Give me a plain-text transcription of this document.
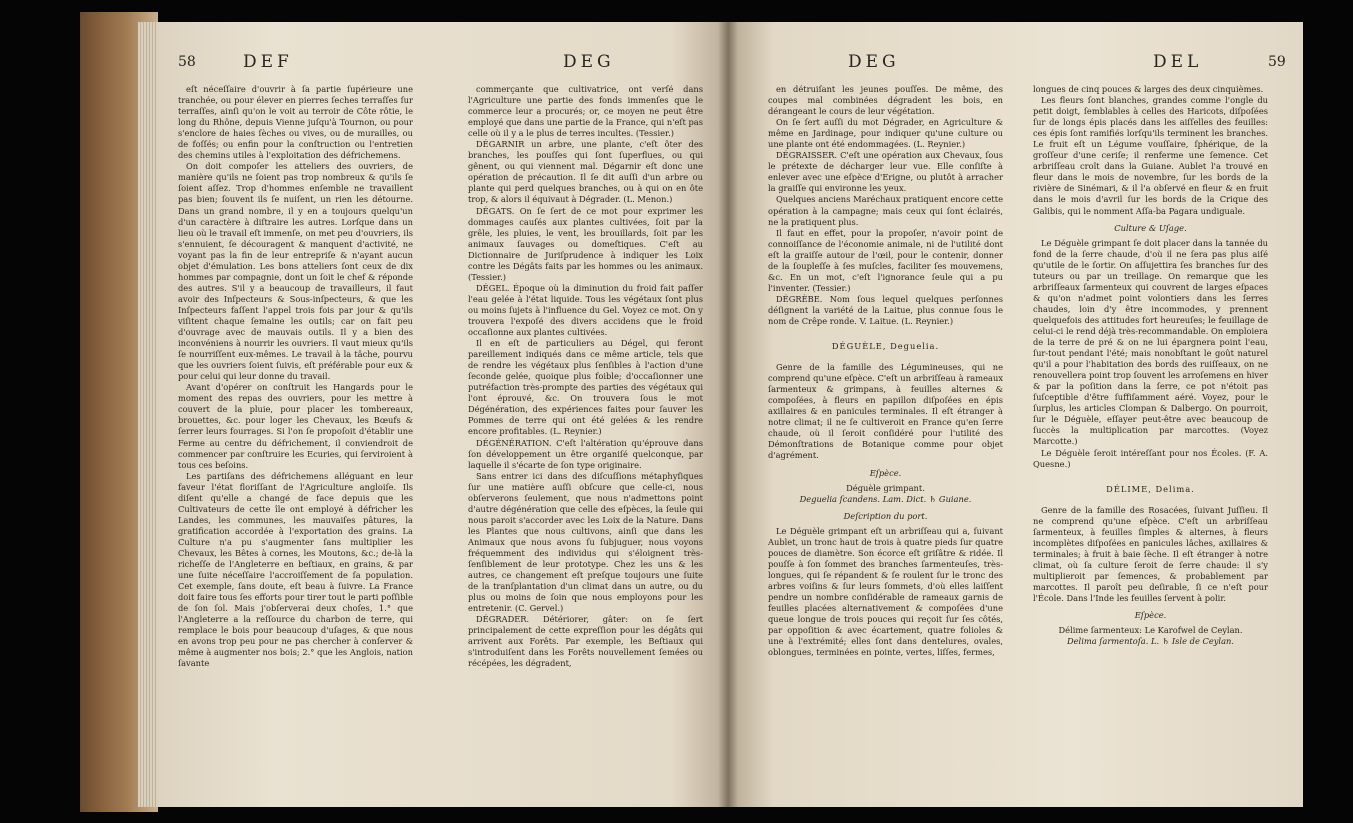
58	DEF	DEG

eſt néceſſaire d'ouvrir à ſa partie ſupérieure une tranchée, ou pour élever en pierres ſeches terraſſes ſur terraſſes, ainſi qu'on le voit au terroir de Côte rôtie, le long du Rhône, depuis Vienne juſqu'à Tournon, ou pour s'enclore de haies ſèches ou vives, ou de murailles, ou de foſſés; ou enfin pour la conſtruction ou l'entretien des chemins utiles à l'exploitation des défrichemens.

On doit compoſer les atteliers des ouvriers, de manière qu'ils ne ſoient pas trop nombreux & qu'ils ſe ſoient aſſez. Trop d'hommes enſemble ne travaillent pas bien; ſouvent ils ſe nuiſent, un rien les détourne. Dans un grand nombre, il y en a toujours quelqu'un d'un caractère à diſtraire les autres. Lorſque dans un lieu où le travail eſt immenſe, on met peu d'ouvriers, ils s'ennuient, ſe découragent & manquent d'activité, ne voyant pas la fin de leur entrepriſe & n'ayant aucun objet d'émulation. Les bons atteliers ſont ceux de dix hommes par compagnie, dont un ſoit le chef & réponde des autres. S'il y a beaucoup de travailleurs, il faut avoir des Inſpecteurs & Sous-inſpecteurs, & que les Inſpecteurs faſſent l'appel trois fois par jour & qu'ils viſitent chaque ſemaine les outils; car on fait peu d'ouvrage avec de mauvais outils. Il y a bien des inconvéniens à nourrir les ouvriers. Il vaut mieux qu'ils ſe nourriſſent eux-mêmes. Le travail à la tâche, pourvu que les ouvriers ſoient ſuivis, eſt préférable pour eux & pour celui qui leur donne du travail.

Avant d'opérer on conſtruit les Hangards pour le moment des repas des ouvriers, pour les mettre à couvert de la pluie, pour placer les tombereaux, brouettes, &c. pour loger les Chevaux, les Bœufs & ſerrer leurs fourrages. Si l'on ſe propoſoit d'établir une Ferme au centre du défrichement, il conviendroit de commencer par conſtruire les Ecuries, qui ſerviroient à tous ces beſoins.

Les partiſans des défrichemens alléguant en leur faveur l'état floriſſant de l'Agriculture angloiſe. Ils diſent qu'elle a changé de face depuis que les Cultivateurs de cette île ont employé à défricher les Landes, les communes, les mauvaiſes pâtures, la gratification accordée à l'exportation des grains. La Culture n'a pu s'augmenter ſans multiplier les Chevaux, les Bêtes à cornes, les Moutons, &c.; de-là la richeſſe de l'Angleterre en beſtiaux, en grains, & par une ſuite néceſſaire l'accroiſſement de ſa population. Cet exemple, ſans doute, eſt beau à ſuivre. La France doit faire tous ſes efforts pour tirer tout le parti poſſible de ſon ſol. Mais j'obſerverai deux choſes, 1.° que l'Angleterre a la reſſource du charbon de terre, qui remplace le bois pour beaucoup d'uſages, & que nous en avons trop peu pour ne pas chercher à conſerver & même à augmenter nos bois; 2.° que les Anglois, nation ſavante

commerçante que cultivatrice, ont verſé dans l'Agriculture une partie des fonds immenſes que le commerce leur a procurés; or, ce moyen ne peut être employé que dans une partie de la France, qui n'eſt pas celle où il y a le plus de terres incultes. (Tessier.)

DÉGARNIR un arbre, une plante, c'eſt ôter des branches, les pouſſes qui ſont ſuperflues, ou qui gênent, ou qui viennent mal. Dégarnir eſt donc une opération de précaution. Il ſe dit auſſi d'un arbre ou plante qui perd quelques branches, ou à qui on en ôte trop, & alors il équivaut à Dégrader. (L. Menon.)

DÉGATS. On ſe ſert de ce mot pour exprimer les dommages cauſés aux plantes cultivées, ſoit par la grêle, les pluies, le vent, les brouillards, ſoit par les animaux ſauvages ou domeſtiques. C'eſt au Dictionnaire de Juriſprudence à indiquer les Loix contre les Dégâts faits par les hommes ou les animaux. (Tessier.)

DÉGEL. Époque où la diminution du froid fait paſſer l'eau gelée à l'état liquide. Tous les végétaux ſont plus ou moins ſujets à l'influence du Gel. Voyez ce mot. On y trouvera l'expoſé des divers accidens que le froid occaſionne aux plantes cultivées.

Il en eſt de particuliers au Dégel, qui feront pareillement indiqués dans ce même article, tels que de rendre les végétaux plus ſenſibles à l'action d'une ſeconde gelée, quoique plus foible; d'occaſionner une putréfaction très-prompte des parties des végétaux qui l'ont éprouvé, &c. On trouvera ſous le mot Dégénération, des expériences faites pour ſauver les Pommes de terre qui ont été gelées & les rendre encore profitables. (L. Reynier.)

DÉGÉNÉRATION. C'eſt l'altération qu'éprouve dans ſon développement un être organiſé quelconque, par laquelle il s'écarte de ſon type originaire.

Sans entrer ici dans des diſcuſſions métaphyſiques ſur une matière auſſi obſcure que celle-ci, nous obſerverons ſeulement, que nous n'admettons point d'autre dégénération que celle des eſpèces, la ſeule qui nous paroit s'accorder avec les Loix de la Nature. Dans les Plantes que nous cultivons, ainſi que dans les Animaux que nous avons ſu ſubjuguer, nous voyons fréquemment des individus qui s'éloignent très-ſenſiblement de leur prototype. Chez les uns & les autres, ce changement eſt preſque toujours une ſuite de la tranſplantation d'un climat dans un autre, ou du plus ou moins de ſoin que nous employons pour les entretenir. (C. Gervel.)

DÉGRADER. Détériorer, gâter: on ſe ſert principalement de cette expreſſion pour les dégâts qui arrivent aux Forêts. Par exemple, les Beſtiaux qui s'introduiſent dans les Forêts nouvellement ſemées ou récépées, les dégradent,

DEG	DEL	59

en détruiſant les jeunes pouſſes. De même, des coupes mal combinées dégradent les bois, en dérangeant le cours de leur végétation.

On ſe ſert auſſi du mot Dégrader, en Agriculture & même en Jardinage, pour indiquer qu'une culture ou une plante ont été endommagées. (L. Reynier.)

DÉGRAISSER. C'eſt une opération aux Chevaux, ſous le prétexte de décharger leur vue. Elle conſiſte à enlever avec une eſpèce d'Erigne, ou plutôt à arracher la graiſſe qui environne les yeux.

Quelques anciens Maréchaux pratiquent encore cette opération à la campagne; mais ceux qui ſont éclairés, ne la pratiquent plus.

Il faut en effet, pour la propoſer, n'avoir point de connoiſſance de l'économie animale, ni de l'utilité dont eſt la graiſſe autour de l'œil, pour le contenir, donner de la ſoupleſſe à ſes muſcles, faciliter ſes mouvemens, &c. En un mot, c'eſt l'ignorance ſeule qui a pu l'inventer. (Tessier.)

DÉGRÈBE. Nom ſous lequel quelques perſonnes déſignent la variété de la Laitue, plus connue ſous le nom de Crêpe ronde. V. Laitue. (L. Reynier.)

DÉGUÈLE, Deguelia.

Genre de la famille des Légumineuses, qui ne comprend qu'une eſpèce. C'eſt un arbriſſeau à rameaux ſarmenteux & grimpans, à feuilles alternes & compoſées, à fleurs en papillon diſpoſées en épis axillaires & en panicules terminales. Il eſt étranger à notre climat; il ne ſe cultiveroit en France qu'en ſerre chaude, où il ſeroit conſidéré pour l'utilité des Démonſtrations de Botanique comme pour objet d'agrément.

Eſpèce.

Déguèle grimpant.

Deguelia ſcandens. Lam. Dict. ♄ Guiane.

Deſcription du port.

Le Déguèle grimpant eſt un arbriſſeau qui a, ſuivant Aublet, un tronc haut de trois à quatre pieds ſur quatre pouces de diamètre. Son écorce eſt griſâtre & ridée. Il pouſſe à ſon ſommet des branches ſarmenteuſes, très-longues, qui ſe répandent & ſe roulent ſur le tronc des arbres voiſins & ſur leurs ſommets, d'où elles laiſſent pendre un nombre conſidérable de rameaux garnis de feuilles placées alternativement & compoſées d'une queue longue de trois pouces qui reçoit ſur ſes côtés, par oppoſition & avec écartement, quatre folioles & une à l'extrémité; elles ſont dans dentelures, ovales, oblongues, terminées en pointe, vertes, liſſes, fermes,

longues de cinq pouces & larges des deux cinquièmes.

Les fleurs ſont blanches, grandes comme l'ongle du petit doigt, ſemblables à celles des Haricots, diſpoſées ſur de longs épis placés dans les aiſſelles des feuilles: ces épis ſont ramifiés lorſqu'ils terminent les branches. Le fruit eſt un Légume vouſſaire, ſphérique, de la groſſeur d'une ceriſe; il renferme une ſemence. Cet arbriſſeau croît dans la Guiane. Aublet l'a trouvé en fleur dans le mois de novembre, ſur les bords de la rivière de Sinémari, & il l'a obſervé en fleur & en fruit dans le mois d'avril ſur les bords de la Crique des Galibis, qui le nomment Aſſa-ba Pagara undiguale.

Culture & Uſage.

Le Déguèle grimpant ſe doit placer dans la tannée du fond de la ſerre chaude, d'où il ne ſera pas plus aiſé qu'utile de le ſortir. On aſſujettira ſes branches ſur des tuteurs ou par un treillage. On remarque que les arbriſſeaux ſarmenteux qui couvrent de larges eſpaces & qu'on n'admet point volontiers dans les ſerres chaudes, loin d'y être incommodes, y prennent quelquefois des attitudes fort heureuſes; le feuillage de celui-ci le rend déjà très-recommandable. On emploiera de la terre de pré & on ne lui épargnera point l'eau, ſur-tout pendant l'été; mais nonobſtant le goût naturel qu'il a pour l'habitation des bords des ruiſſeaux, on ne renouvellera point trop ſouvent les arroſemens en hiver & par la poſition dans la ſerre, ce pot n'étoit pas ſuſceptible d'être ſuffiſamment aéré. Voyez, pour le ſurplus, les articles Clompan & Dalbergo. On pourroit, ſur le Déguèle, eſſayer peut-être avec beaucoup de ſuccès la multiplication par marcottes. (Voyez Marcotte.)

Le Déguèle ſeroit intéreſſant pour nos Écoles. (F. A. Quesne.)

DÉLIME, Delima.

Genre de la famille des Rosacées, ſuivant Juſſieu. Il ne comprend qu'une eſpèce. C'eſt un arbriſſeau ſarmenteux, à feuilles ſimples & alternes, à fleurs incomplètes diſpoſées en panicules lâches, axillaires & terminales; à fruit à baie ſèche. Il eſt étranger à notre climat, où ſa culture ſeroit de ſerre chaude: il s'y multiplieroit par ſemences, & probablement par marcottes. Il paroît peu deſirable, ſi ce n'eſt pour l'École. Dans l'Inde les feuilles ſervent à polir.

Eſpèce.

Délime ſarmenteux: Le Karofwel de Ceylan.

Delima ſarmentoſa. L. ♄ Isle de Ceylan.
